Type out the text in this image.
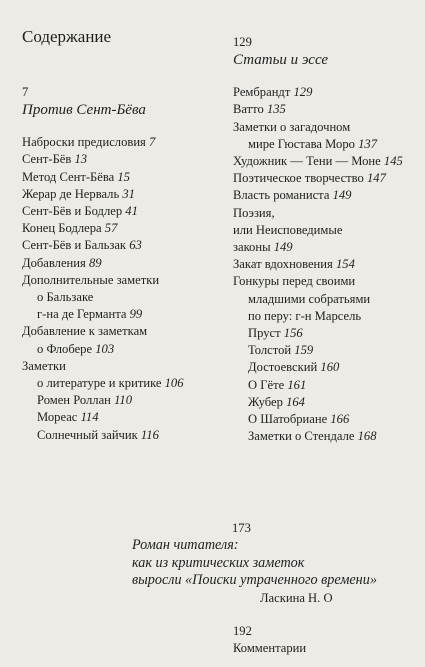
Содержание
7
Против Сент-Бёва
Наброски предисловия 7
Сент-Бёв 13
Метод Сент-Бёва 15
Жерар де Нерваль 31
Сент-Бёв и Бодлер 41
Конец Бодлера 57
Сент-Бёв и Бальзак 63
Добавления 89
Дополнительные заметки
о Бальзаке
г-на де Германта 99
Добавление к заметкам
о Флобере 103
Заметки
о литературе и критике 106
Ромен Роллан 110
Мореас 114
Солнечный зайчик 116
129
Статьи и эссе
Рембрандт 129
Ватто 135
Заметки о загадочном
мире Гюстава Моро 137
Художник — Тени — Моне 145
Поэтическое творчество 147
Власть романиста 149
Поэзия,
или Неисповедимые
законы 149
Закат вдохновения 154
Гонкуры перед своими
младшими собратьями
по перу: г-н Марсель
Пруст 156
Толстой 159
Достоевский 160
О Гёте 161
Жубер 164
О Шатобриане 166
Заметки о Стендале 168
173
Роман читателя:
как из критических заметок
выросли «Поиски утраченного времени»
Ласкина Н. О
192
Комментарии
